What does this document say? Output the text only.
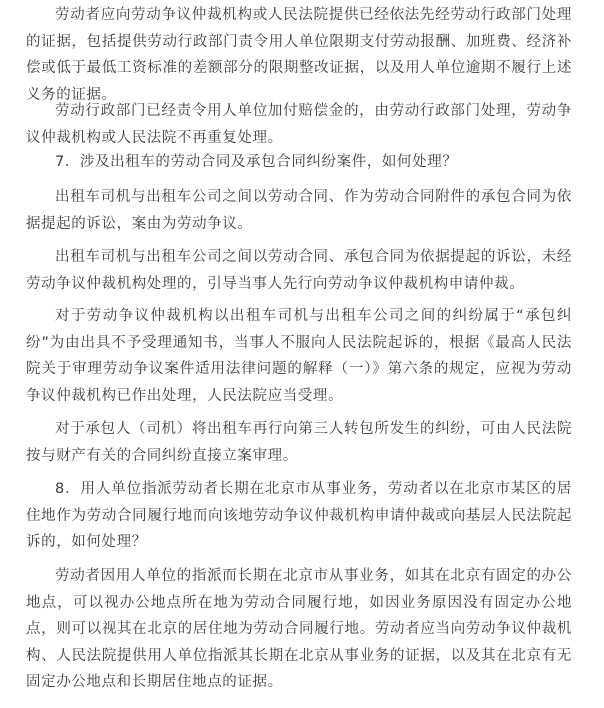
劳动者应向劳动争议仲裁机构或人民法院提供已经依法先经劳动行政部门处理的证据，包括提供劳动行政部门责令用人单位限期支付劳动报酬、加班费、经济补偿或低于最低工资标准的差额部分的限期整改证据，以及用人单位逾期不履行上述义务的证据。

劳动行政部门已经责令用人单位加付赔偿金的，由劳动行政部门处理，劳动争议仲裁机构或人民法院不再重复处理。

7．涉及出租车的劳动合同及承包合同纠纷案件，如何处理？

出租车司机与出租车公司之间以劳动合同、作为劳动合同附件的承包合同为依据提起的诉讼，案由为劳动争议。

出租车司机与出租车公司之间以劳动合同、承包合同为依据提起的诉讼，未经劳动争议仲裁机构处理的，引导当事人先行向劳动争议仲裁机构申请仲裁。

对于劳动争议仲裁机构以出租车司机与出租车公司之间的纠纷属于“承包纠纷”为由出具不予受理通知书，当事人不服向人民法院起诉的，根据《最高人民法院关于审理劳动争议案件适用法律问题的解释（一）》第六条的规定，应视为劳动争议仲裁机构已作出处理，人民法院应当受理。

对于承包人（司机）将出租车再行向第三人转包所发生的纠纷，可由人民法院按与财产有关的合同纠纷直接立案审理。

8．用人单位指派劳动者长期在北京市从事业务，劳动者以在北京市某区的居住地作为劳动合同履行地而向该地劳动争议仲裁机构申请仲裁或向基层人民法院起诉的，如何处理？

劳动者因用人单位的指派而长期在北京市从事业务，如其在北京有固定的办公地点，可以视办公地点所在地为劳动合同履行地，如因业务原因没有固定办公地点，则可以视其在北京的居住地为劳动合同履行地。劳动者应当向劳动争议仲裁机构、人民法院提供用人单位指派其长期在北京从事业务的证据，以及其在北京有无固定办公地点和长期居住地点的证据。
